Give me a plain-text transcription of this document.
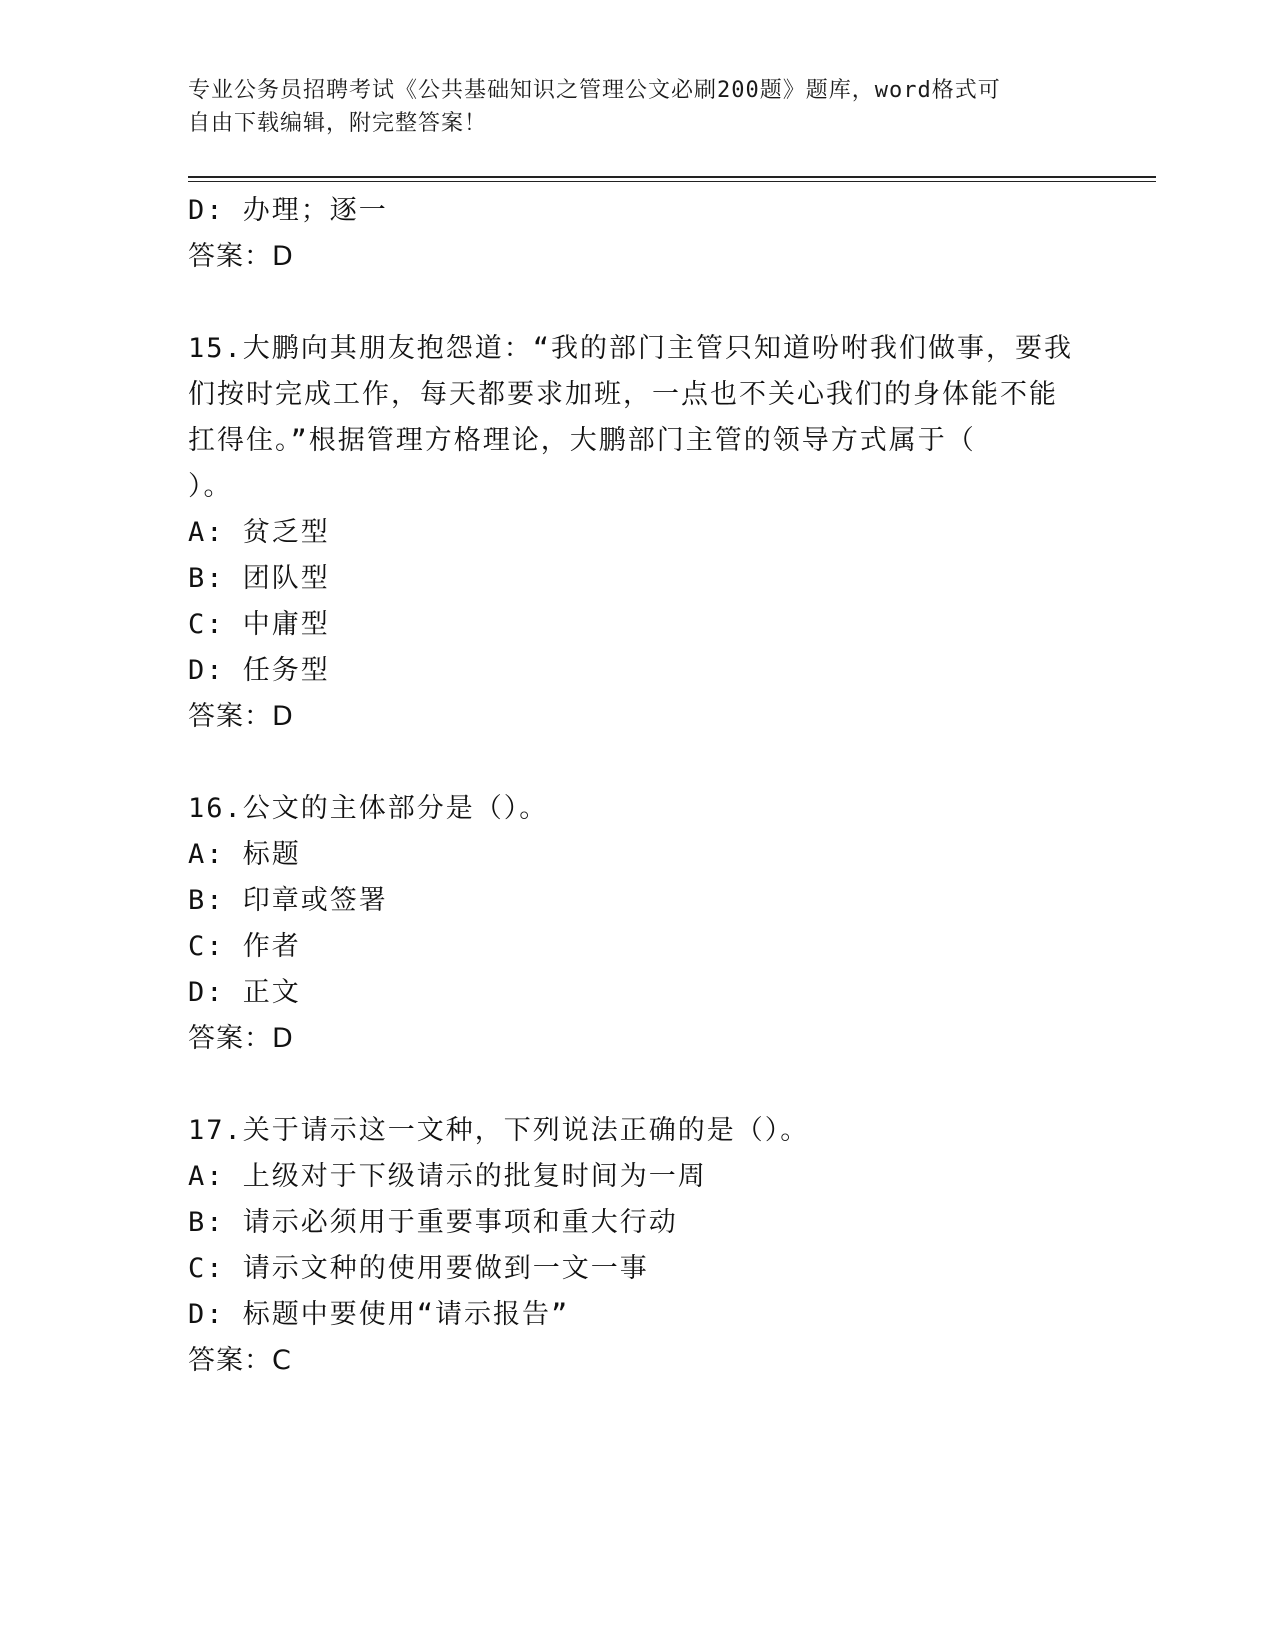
专业公务员招聘考试《公共基础知识之管理公文必刷200题》题库，word格式可
自由下载编辑，附完整答案！

D: 办理；逐一

答案：D

15.大鹏向其朋友抱怨道：“我的部门主管只知道吩咐我们做事，要我

们按时完成工作，每天都要求加班，一点也不关心我们的身体能不能

扛得住。”根据管理方格理论，大鹏部门主管的领导方式属于（

）。

A: 贫乏型

B: 团队型

C: 中庸型

D: 任务型

答案：D

16.公文的主体部分是（）。

A: 标题

B: 印章或签署

C: 作者

D: 正文

答案：D

17.关于请示这一文种，下列说法正确的是（）。

A: 上级对于下级请示的批复时间为一周

B: 请示必须用于重要事项和重大行动

C: 请示文种的使用要做到一文一事

D: 标题中要使用“请示报告”

答案：C
